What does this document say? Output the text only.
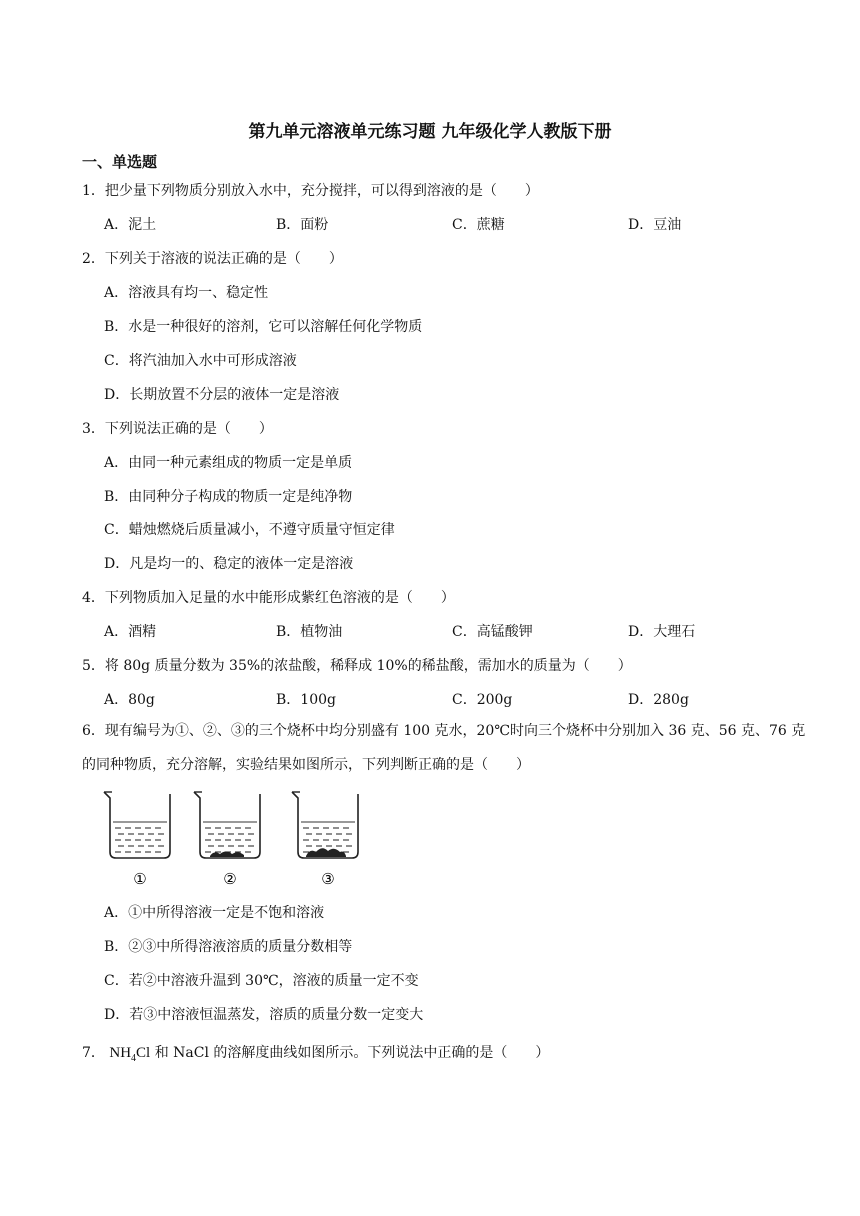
第九单元溶液单元练习题 九年级化学人教版下册
一、单选题
1．把少量下列物质分别放入水中，充分搅拌，可以得到溶液的是（　　）
A．泥土	B．面粉	C．蔗糖	D．豆油
2．下列关于溶液的说法正确的是（　　）
A．溶液具有均一、稳定性
B．水是一种很好的溶剂，它可以溶解任何化学物质
C．将汽油加入水中可形成溶液
D．长期放置不分层的液体一定是溶液
3．下列说法正确的是（　　）
A．由同一种元素组成的物质一定是单质
B．由同种分子构成的物质一定是纯净物
C．蜡烛燃烧后质量减小，不遵守质量守恒定律
D．凡是均一的、稳定的液体一定是溶液
4．下列物质加入足量的水中能形成紫红色溶液的是（　　）
A．酒精	B．植物油	C．高锰酸钾	D．大理石
5．将 80g 质量分数为 35%的浓盐酸，稀释成 10%的稀盐酸，需加水的质量为（　　）
A．80g	B．100g	C．200g	D．280g
6．现有编号为①、②、③的三个烧杯中均分别盛有 100 克水，20℃时向三个烧杯中分别加入 36 克、56 克、76 克的同种物质，充分溶解，实验结果如图所示，下列判断正确的是（　　）
①	②	③
A．①中所得溶液一定是不饱和溶液
B．②③中所得溶液溶质的质量分数相等
C．若②中溶液升温到 30℃，溶液的质量一定不变
D．若③中溶液恒温蒸发，溶质的质量分数一定变大
7． $NH_4Cl$ 和 NaCl 的溶解度曲线如图所示。下列说法中正确的是（　　）
